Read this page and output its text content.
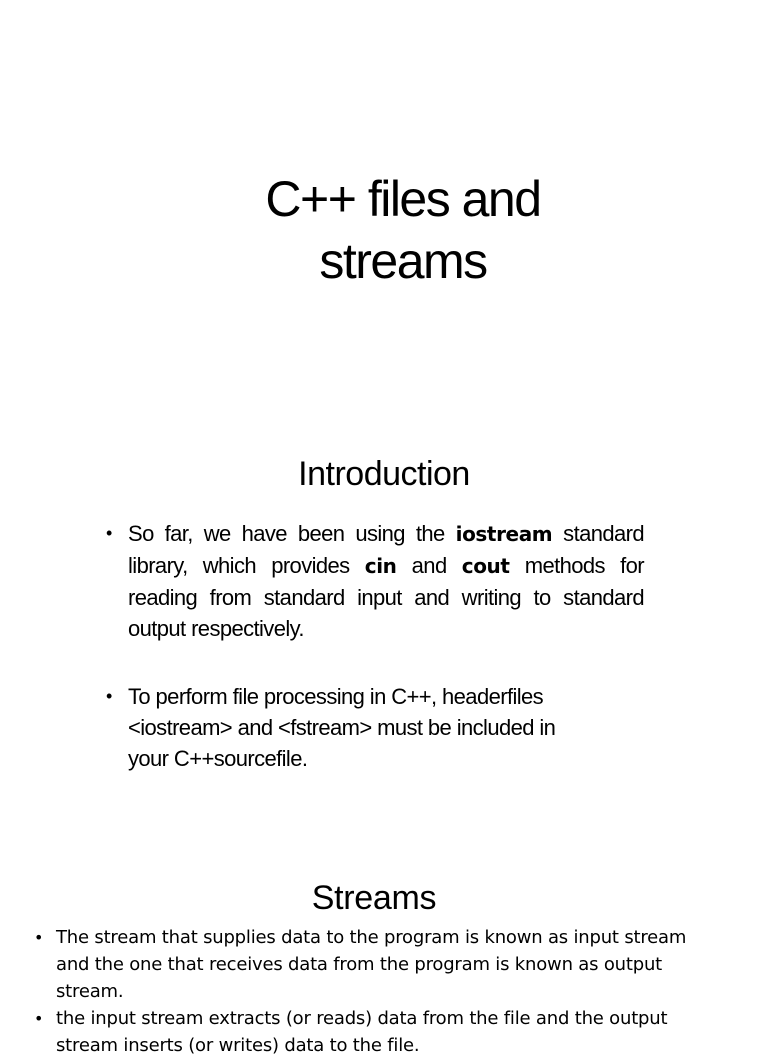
C++ files and
streams
Introduction
• So far, we have been using the iostream standard library, which provides cin and cout methods for reading from standard input and writing to standard output respectively.
• To perform file processing in C++, headerfiles
<iostream> and <fstream> must be included in
your C++sourcefile.
Streams
• The stream that supplies data to the program is known as input stream and the one that receives data from the program is known as output stream.
• the input stream extracts (or reads) data from the file and the output stream inserts (or writes) data to the file.
